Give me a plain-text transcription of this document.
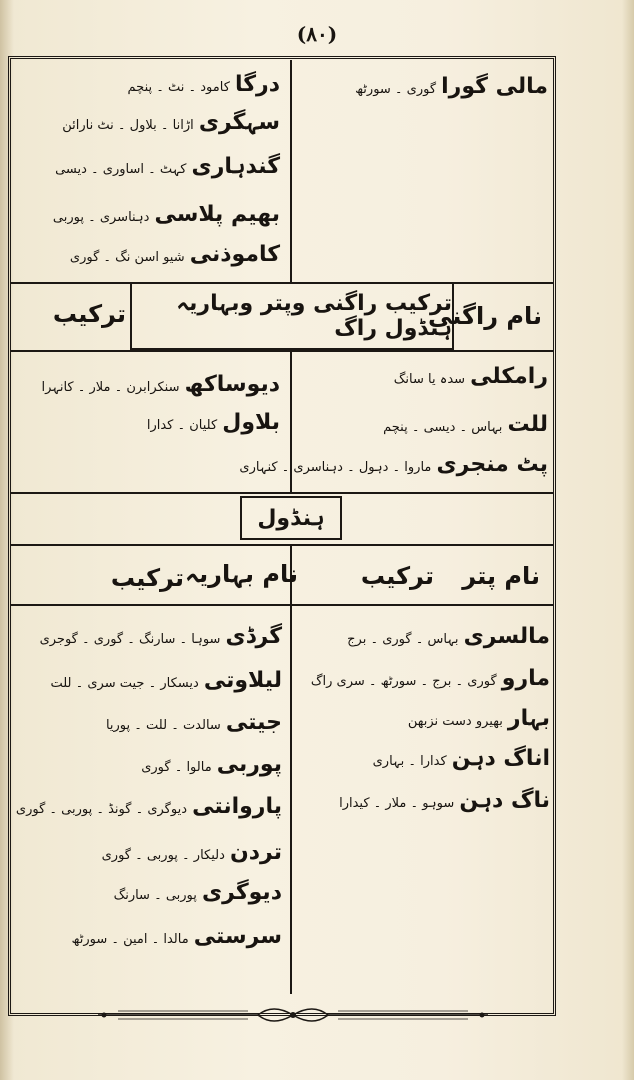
(۸۰)
مالی گورا گوری ۔ سورٹھ
درگا کامود ۔ نٹ ۔ پنچم
سہگری اڑانا ۔ بلاول ۔ نٹ نارائن
گندہاری کہٹ ۔ اساوری ۔ دیسی
بھیم پلاسی دہناسری ۔ پوربی
کاموذنی شیو اسن نگ ۔ گوری
ترکیب راگنی وپتر وبہاریہ ہنڈول راگ
نام راگنی
ترکیب
رامکلی سدہ یا سانگ
للت بہاس ۔ دیسی ۔ پنچم
پٹ منجری ماروا ۔ دہول ۔ دہناسری ۔ کنہاری
دیوساکھ سنکرابرن ۔ ملار ۔ کانہرا
بلاول کلیان ۔ کدارا
ہنڈول
نام پتر
ترکیب
نام بہاریہ
ترکیب
مالسری بہاس ۔ گوری ۔ برج
مارو گوری ۔ برج ۔ سورٹھ ۔ سری راگ
بہار بھیرو دست نزبھن
اناگ دہن کدارا ۔ بہاری
ناگ دہن سوہو ۔ ملار ۔ کیدارا
گرڈی سوہا ۔ سارنگ ۔ گوری ۔ گوجری
لیلاوتی دیسکار ۔ جیت سری ۔ للت
جیتی سالدت ۔ للت ۔ پوریا
پوربی مالوا ۔ گوری
پاروانتی دیوگری ۔ گونڈ ۔ پوربی ۔ گوری
تردن دلیکار ۔ پوربی ۔ گوری
دیوگری پوربی ۔ سارنگ
سرستی مالدا ۔ امین ۔ سورٹھ
